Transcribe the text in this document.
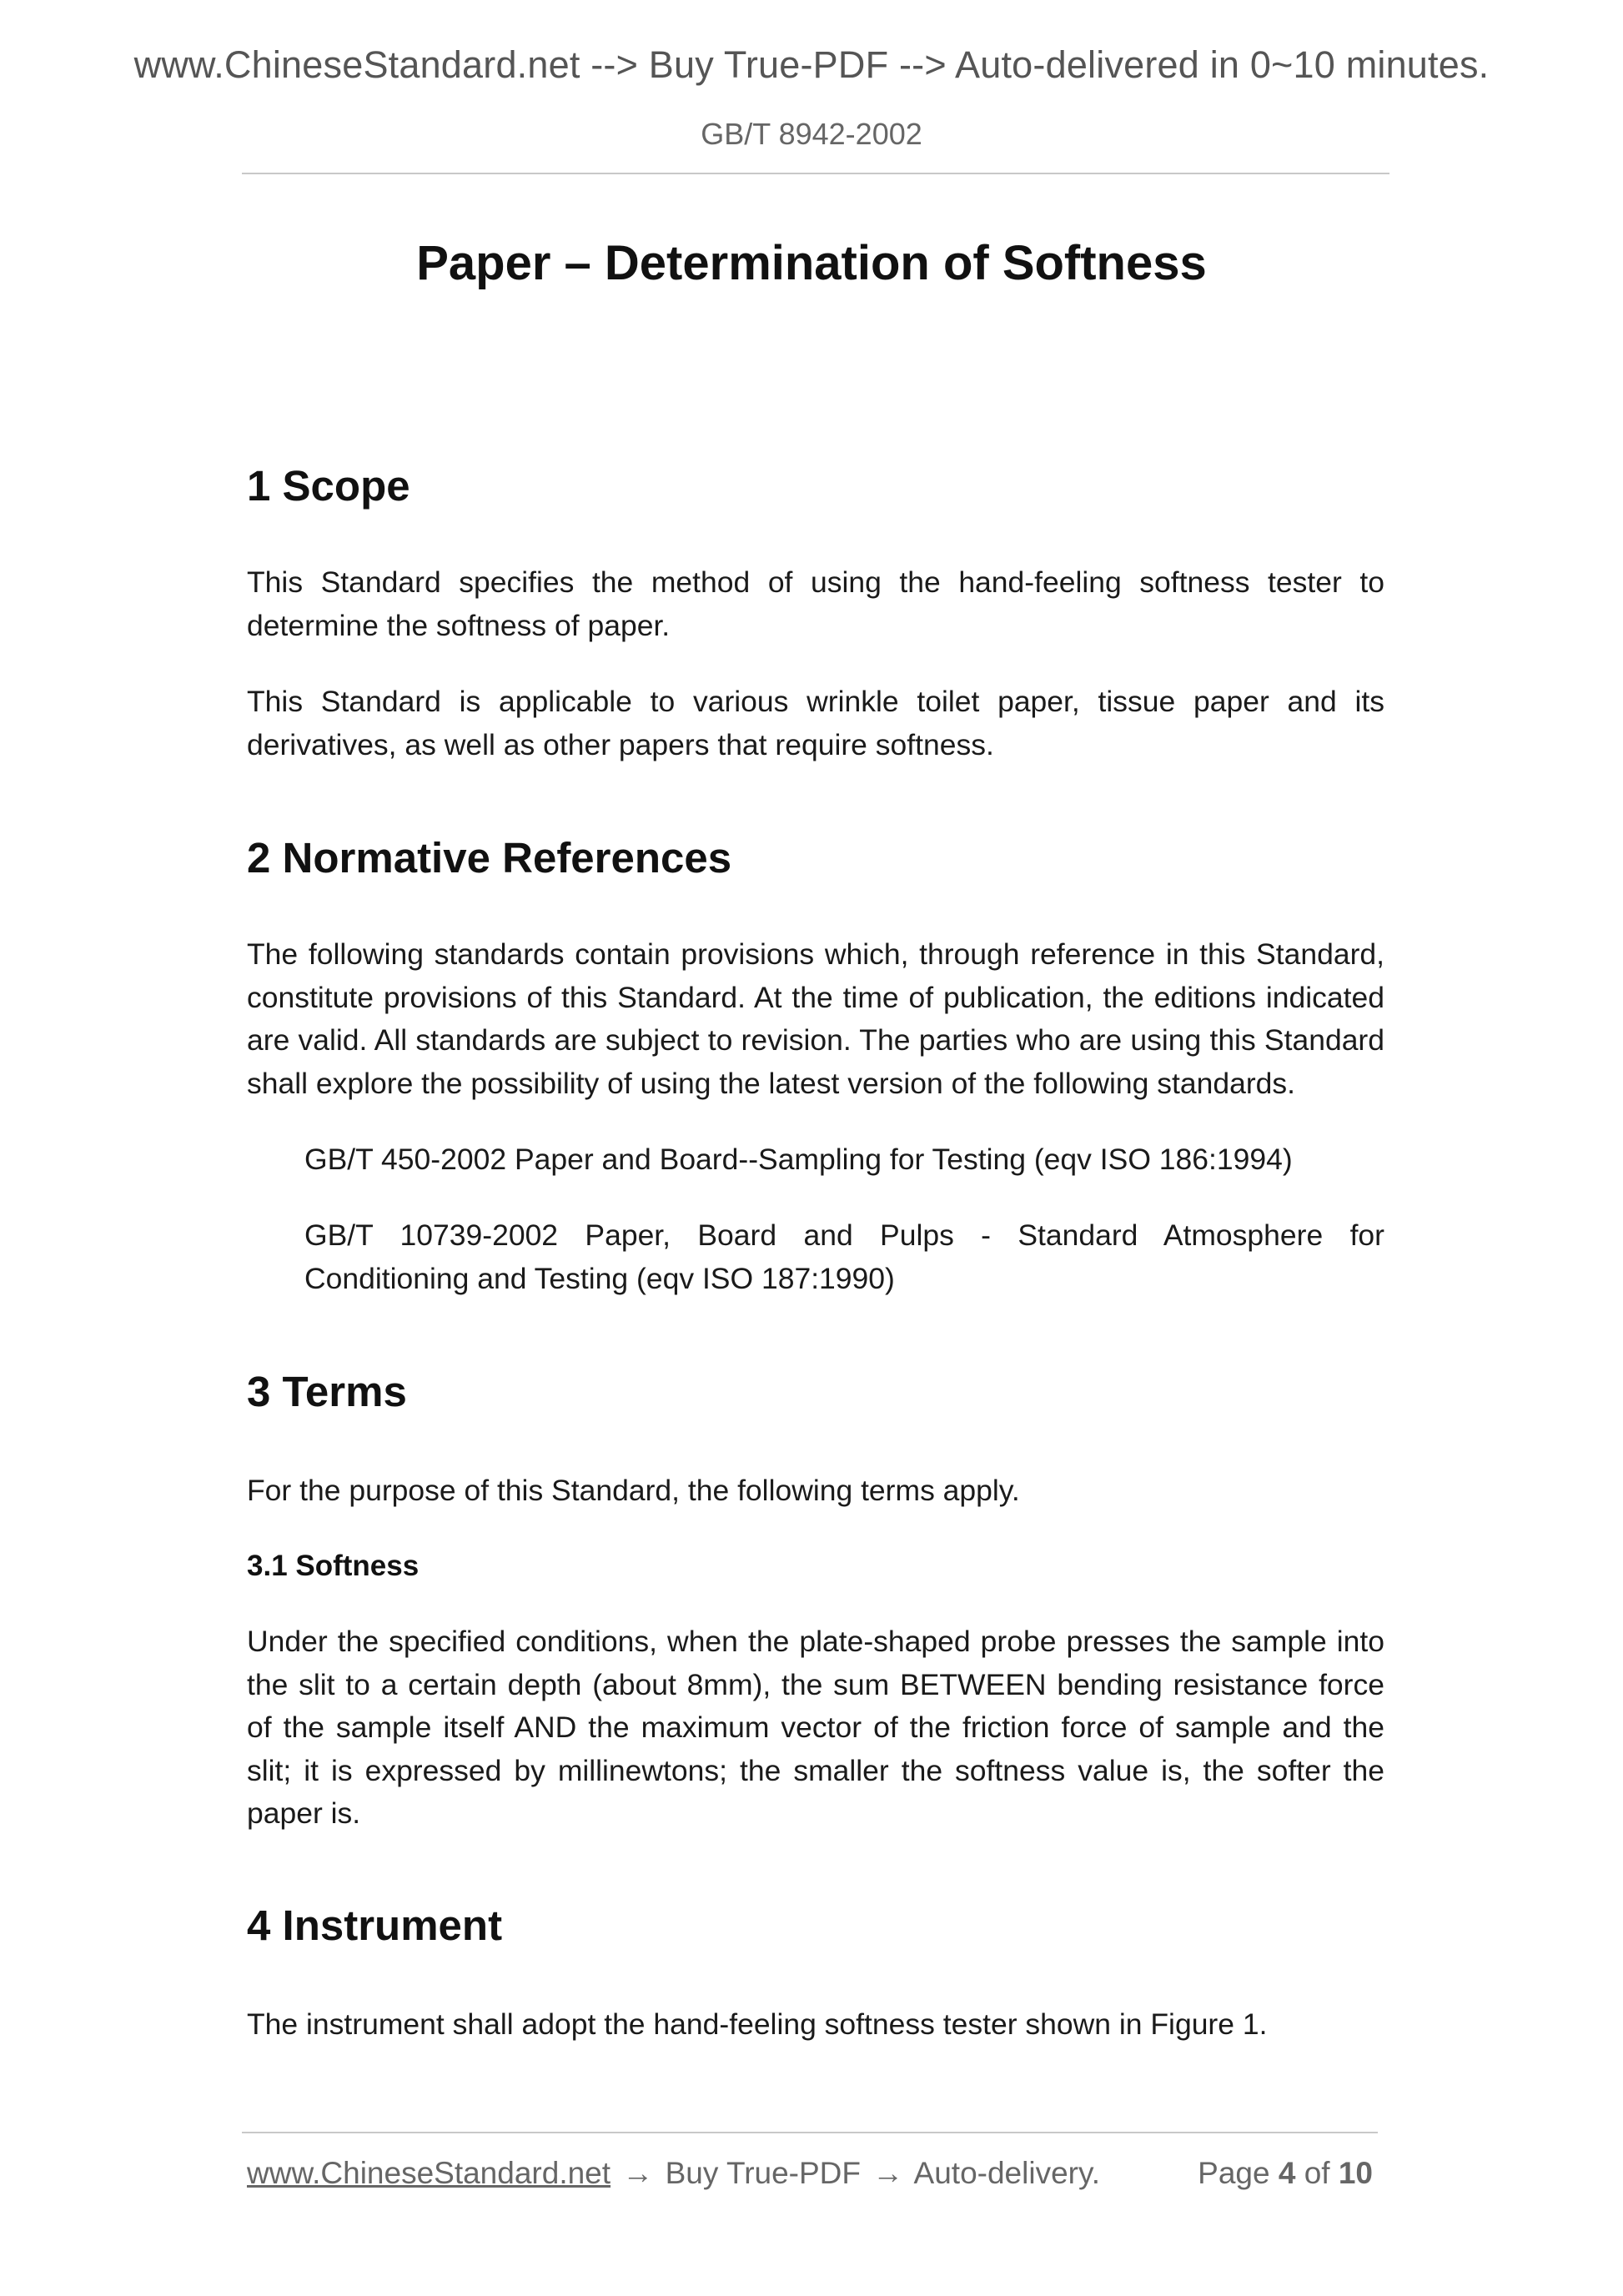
www.ChineseStandard.net --> Buy True-PDF --> Auto-delivered in 0~10 minutes.
GB/T 8942-2002
Paper – Determination of Softness
1 Scope

This Standard specifies the method of using the hand-feeling softness tester to determine the softness of paper.

This Standard is applicable to various wrinkle toilet paper, tissue paper and its derivatives, as well as other papers that require softness.

2 Normative References

The following standards contain provisions which, through reference in this Standard, constitute provisions of this Standard. At the time of publication, the editions indicated are valid. All standards are subject to revision. The parties who are using this Standard shall explore the possibility of using the latest version of the following standards.

GB/T 450-2002 Paper and Board--Sampling for Testing (eqv ISO 186:1994)

GB/T 10739-2002 Paper, Board and Pulps - Standard Atmosphere for Conditioning and Testing (eqv ISO 187:1990)

3 Terms

For the purpose of this Standard, the following terms apply.

3.1 Softness

Under the specified conditions, when the plate-shaped probe presses the sample into the slit to a certain depth (about 8mm), the sum BETWEEN bending resistance force of the sample itself AND the maximum vector of the friction force of sample and the slit; it is expressed by millinewtons; the smaller the softness value is, the softer the paper is.

4 Instrument

The instrument shall adopt the hand-feeling softness tester shown in Figure 1.

www.ChineseStandard.net → Buy True-PDF → Auto-delivery.	Page 4 of 10
